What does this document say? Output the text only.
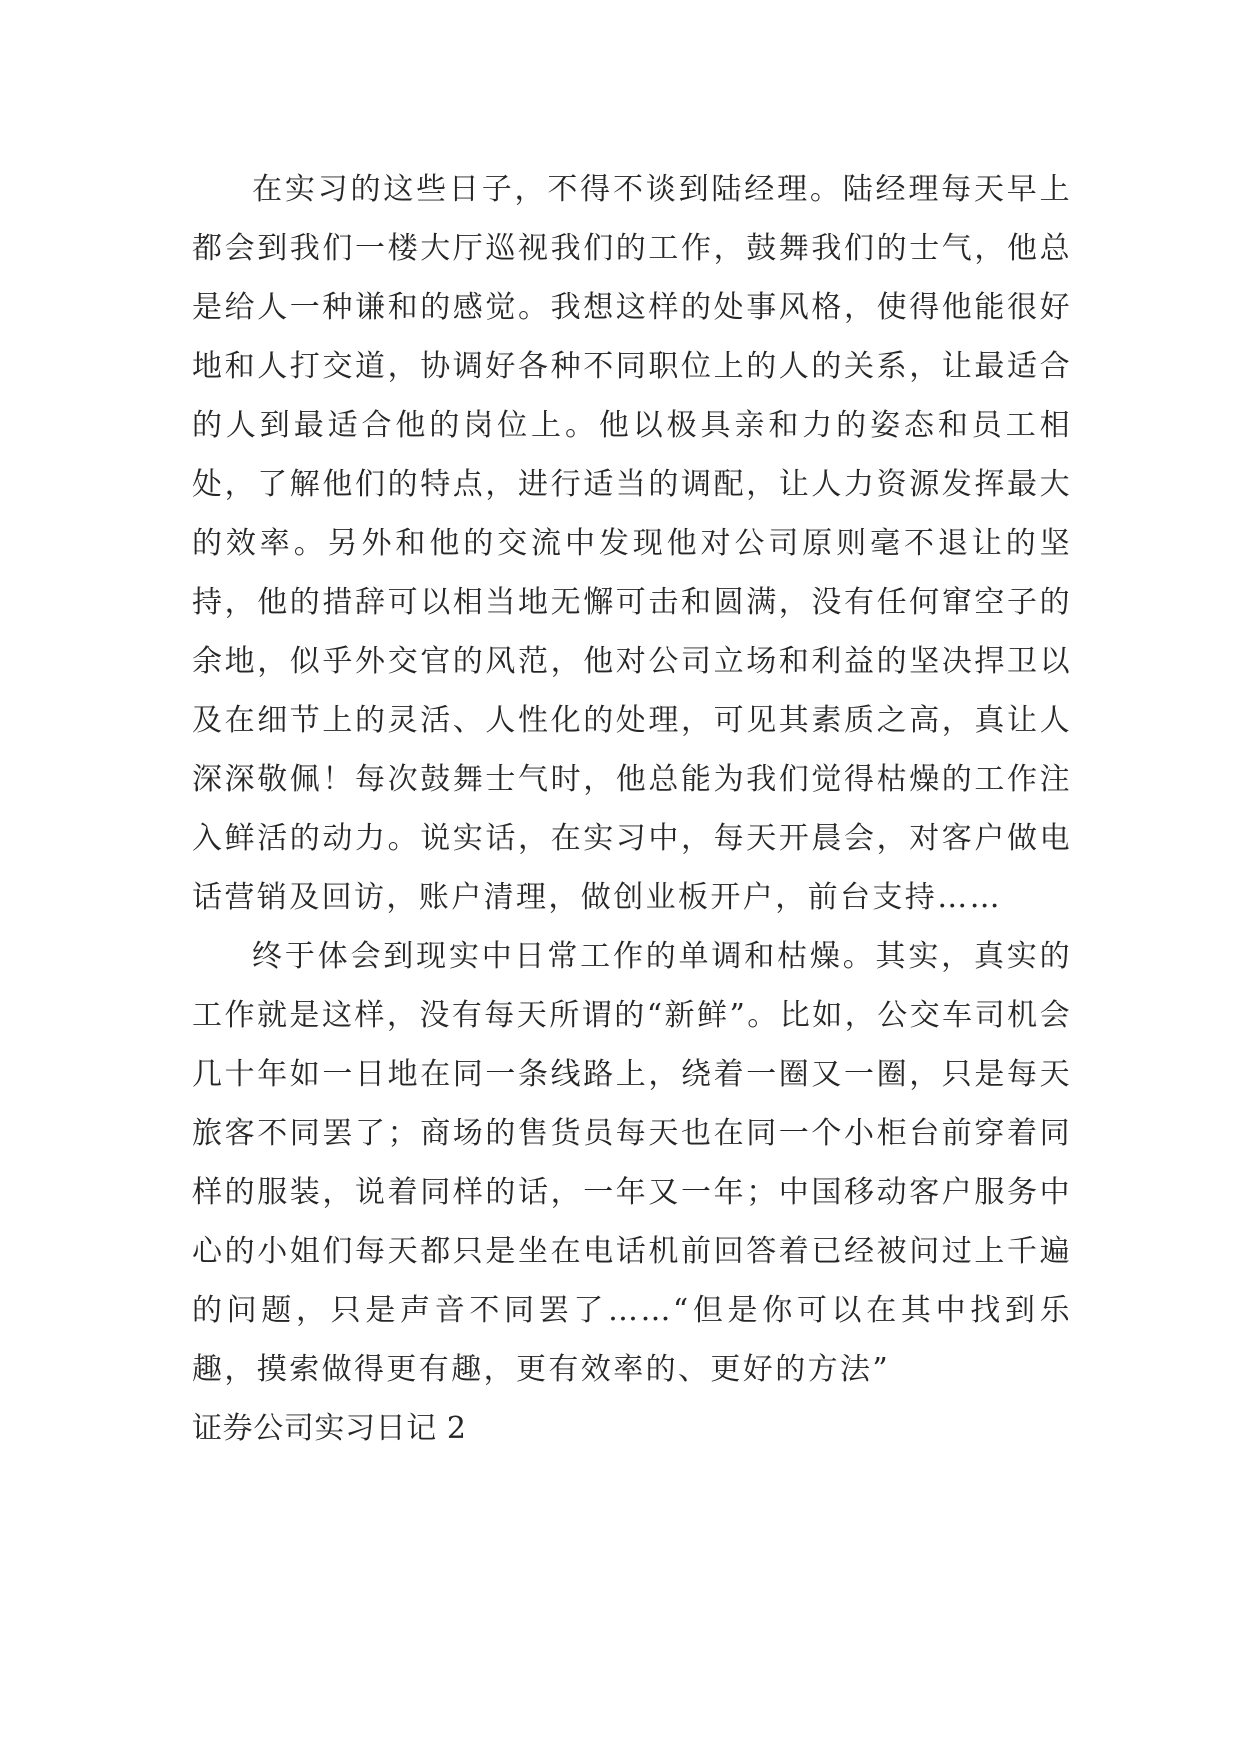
在实习的这些日子，不得不谈到陆经理。陆经理每天早上都会到我们一楼大厅巡视我们的工作，鼓舞我们的士气，他总是给人一种谦和的感觉。我想这样的处事风格，使得他能很好地和人打交道，协调好各种不同职位上的人的关系，让最适合的人到最适合他的岗位上。他以极具亲和力的姿态和员工相处，了解他们的特点，进行适当的调配，让人力资源发挥最大的效率。另外和他的交流中发现他对公司原则毫不退让的坚持，他的措辞可以相当地无懈可击和圆满，没有任何窜空子的余地，似乎外交官的风范，他对公司立场和利益的坚决捍卫以及在细节上的灵活、人性化的处理，可见其素质之高，真让人深深敬佩！每次鼓舞士气时，他总能为我们觉得枯燥的工作注入鲜活的动力。说实话，在实习中，每天开晨会，对客户做电话营销及回访，账户清理，做创业板开户，前台支持……

终于体会到现实中日常工作的单调和枯燥。其实，真实的工作就是这样，没有每天所谓的“新鲜”。比如，公交车司机会几十年如一日地在同一条线路上，绕着一圈又一圈，只是每天旅客不同罢了；商场的售货员每天也在同一个小柜台前穿着同样的服装，说着同样的话，一年又一年；中国移动客户服务中心的小姐们每天都只是坐在电话机前回答着已经被问过上千遍的问题，只是声音不同罢了……“但是你可以在其中找到乐趣，摸索做得更有趣，更有效率的、更好的方法”

证券公司实习日记 2
